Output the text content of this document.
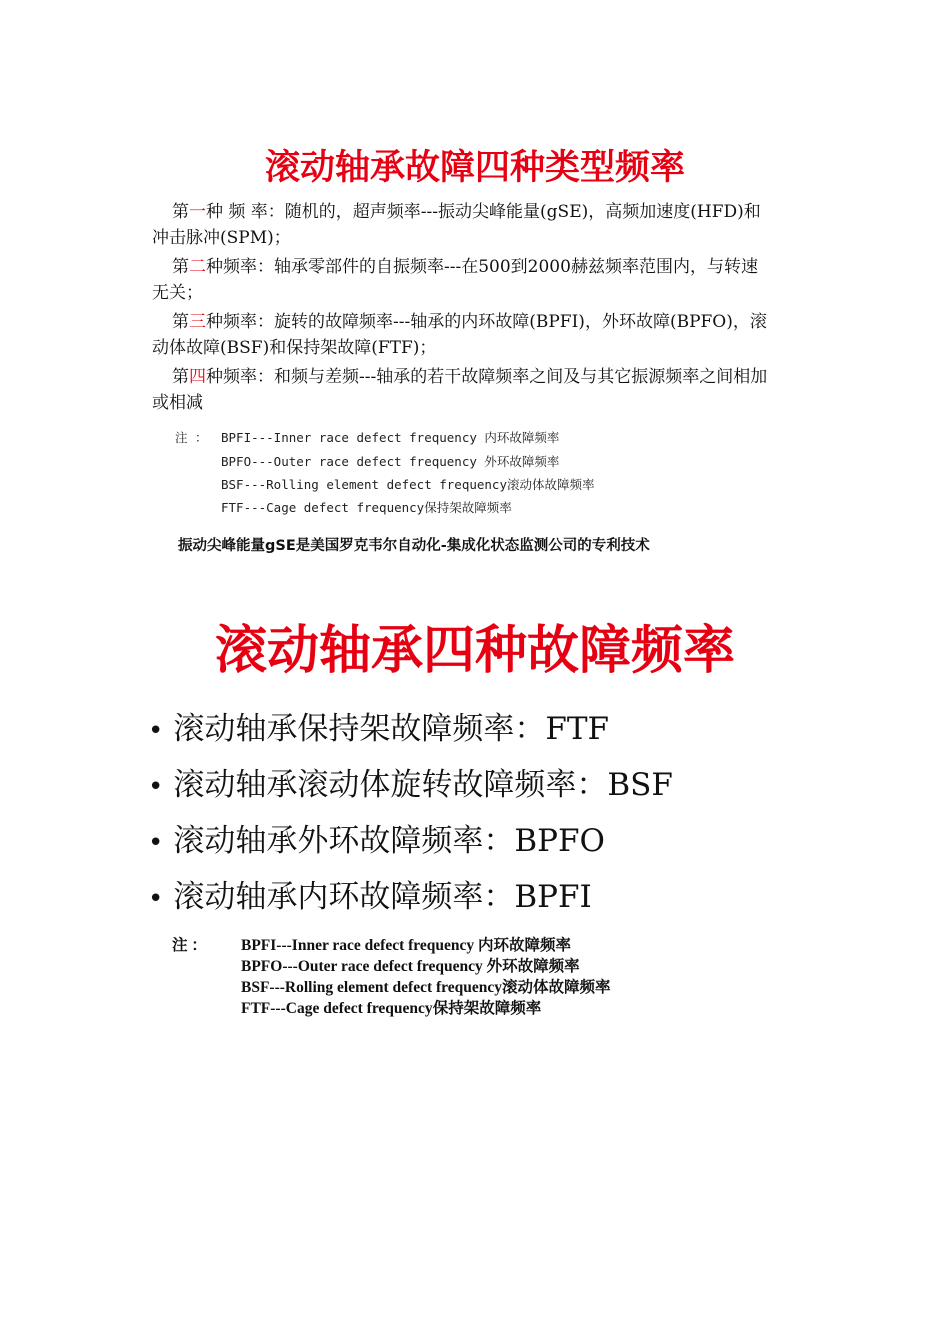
滚动轴承故障四种类型频率
第一种 频 率：随机的，超声频率---振动尖峰能量(gSE)，高频加速度(HFD)和冲击脉冲(SPM)；
第二种频率：轴承零部件的自振频率---在500到2000赫兹频率范围内，与转速无关；
第三种频率：旋转的故障频率---轴承的内环故障(BPFI)，外环故障(BPFO)，滚动体故障(BSF)和保持架故障(FTF)；
第四种频率：和频与差频---轴承的若干故障频率之间及与其它振源频率之间相加或相减
注 ： BPFI---Inner race defect frequency 内环故障频率
BPFO---Outer race defect frequency 外环故障频率
BSF---Rolling element defect frequency滚动体故障频率
FTF---Cage defect frequency保持架故障频率
振动尖峰能量gSE是美国罗克韦尔自动化-集成化状态监测公司的专利技术
滚动轴承四种故障频率
• 滚动轴承保持架故障频率：FTF
• 滚动轴承滚动体旋转故障频率：BSF
• 滚动轴承外环故障频率：BPFO
• 滚动轴承内环故障频率：BPFI
注 ： BPFI---Inner race defect frequency 内环故障频率
BPFO---Outer race defect frequency 外环故障频率
BSF---Rolling element defect frequency滚动体故障频率
FTF---Cage defect frequency保持架故障频率
